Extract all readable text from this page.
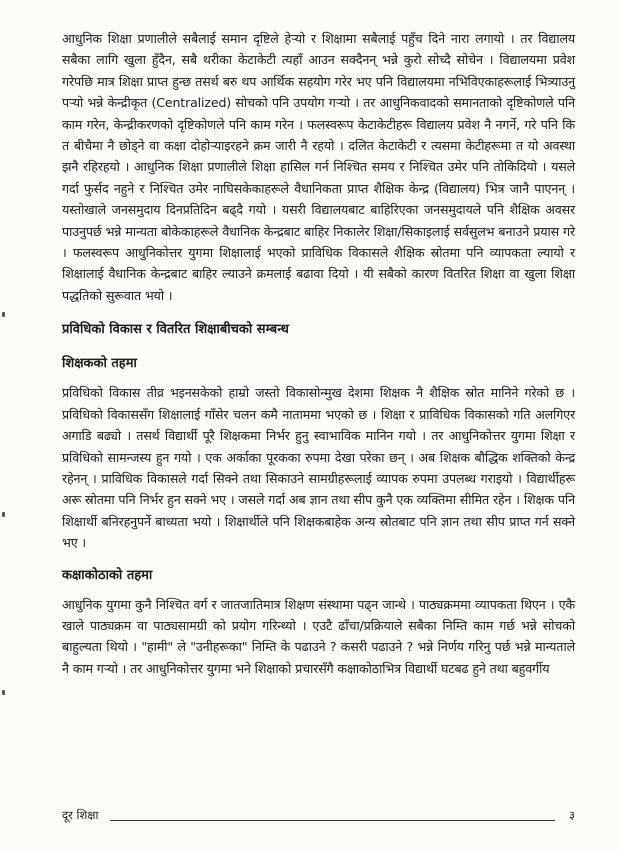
आधुनिक शिक्षा प्रणालीले सबैलाई समान दृष्टिले हेर्‍यो र शिक्षामा सबैलाई पहुँच दिने नारा लगायो । तर विद्यालय सबैका लागि खुला हुँदैन, सबै थरीका केटाकेटी त्यहाँ आउन सक्दैनन् भन्ने कुरो सोच्दै सोचेन । विद्यालयमा प्रवेश गरेपछि मात्र शिक्षा प्राप्त हुन्छ तसर्थ बरु थप आर्थिक सहयोग गरेर भए पनि विद्यालयमा नभिविएकाहरूलाई भित्र्याउनु पर्‍यो भन्ने केन्द्रीकृत (Centralized) सोचको पनि उपयोग गर्‍यो । तर आधुनिकवादको समानताको दृष्टिकोणले पनि काम गरेन, केन्द्रीकरणको दृष्टिकोणले पनि काम गरेन । फलस्वरूप केटाकेटीहरू विद्यालय प्रवेश नै नगर्ने, गरे पनि कि त बीचैमा नै छोड्ने वा कक्षा दोहोर्‍याइरहने क्रम जारी नै रहयो । दलित केटाकेटी र त्यसमा केटीहरूमा त यो अवस्था झनै रहिरहयो । आधुनिक शिक्षा प्रणालीले शिक्षा हासिल गर्न निश्चित समय र निश्चित उमेर पनि तोकिदियो । यसले गर्दा फुर्सद नहुने र निश्चित उमेर नाघिसकेकाहरूले वैधानिकता प्राप्त शैक्षिक केन्द्र (विद्यालय) भित्र जानै पाएनन् । यस्तोखाले जनसमुदाय दिनप्रतिदिन बढ्दै गयो । यसरी विद्यालयबाट बाहिरिएका जनसमुदायले पनि शैक्षिक अवसर पाउनुपर्छ भन्ने मान्यता बोकेकाहरूले वैधानिक केन्द्रबाट बाहिर निकालेर शिक्षा/सिकाइलाई सर्वसुलभ बनाउने प्रयास गरे । फलस्वरूप आधुनिकोत्तर युगमा शिक्षालाई भएको प्राविधिक विकासले शैक्षिक स्रोतमा पनि व्यापकता ल्यायो र शिक्षालाई वैधानिक केन्द्रबाट बाहिर ल्याउने क्रमलाई बढावा दियो । यी सबैको कारण वितरित शिक्षा वा खुला शिक्षा पद्धतिको सुरूवात भयो ।

प्रविधिको विकास र वितरित शिक्षाबीचको सम्बन्ध
शिक्षकको तहमा

प्रविधिको विकास तीव्र भइनसकेको हाम्रो जस्तो विकासोन्मुख देशमा शिक्षक नै शैक्षिक स्रोत मानिने गरेको छ । प्रविधिको विकाससँग शिक्षालाई गाँसेर चलन कमै नाताममा भएको छ । शिक्षा र प्राविधिक विकासको गति अलगिएर अगाडि बढ्यो । तसर्थ विद्यार्थी पूरै शिक्षकमा निर्भर हुनु स्वाभाविक मानिन गयो । तर आधुनिकोत्तर युगमा शिक्षा र प्रविधिको सामन्जस्य हुन गयो । एक अर्काका पूरकका रुपमा देखा परेका छन् । अब शिक्षक बौद्धिक शक्तिको केन्द्र रहेनन् । प्राविधिक विकासले गर्दा सिक्ने तथा सिकाउने सामग्रीहरूलाई व्यापक रुपमा उपलब्ध गराइयो । विद्यार्थीहरू अरू स्रोतमा पनि निर्भर हुन सक्ने भए । जसले गर्दा अब ज्ञान तथा सीप कुनै एक व्यक्तिमा सीमित रहेन । शिक्षक पनि शिक्षार्थी बनिरहनुपर्ने बाध्यता भयो । शिक्षार्थीले पनि शिक्षकबाहेक अन्य स्रोतबाट पनि ज्ञान तथा सीप प्राप्त गर्न सक्ने भए ।

कक्षाकोठाको तहमा

आधुनिक युगमा कुनै निश्चित वर्ग र जातजातिमात्र शिक्षण संस्थामा पढ्न जान्थे । पाठ्यक्रममा व्यापकता थिएन । एकै खाले पाठ्यक्रम वा पाठ्यसामग्री को प्रयोग गरिन्थ्यो । एउटै ढाँचा/प्रक्रियाले सबैका निम्ति काम गर्छ भन्ने सोचको बाहुल्यता थियो । "हामी" ले "उनीहरूका" निम्ति के पढाउने ? कसरी पढाउने ? भन्ने निर्णय गरिनु पर्छ भन्ने मान्यताले नै काम गर्‍यो । तर आधुनिकोत्तर युगमा भने शिक्षाको प्रचारसँगै कक्षाकोठाभित्र विद्यार्थी घटबढ हुने तथा बहुवर्गीय

दूर शिक्षा	३
